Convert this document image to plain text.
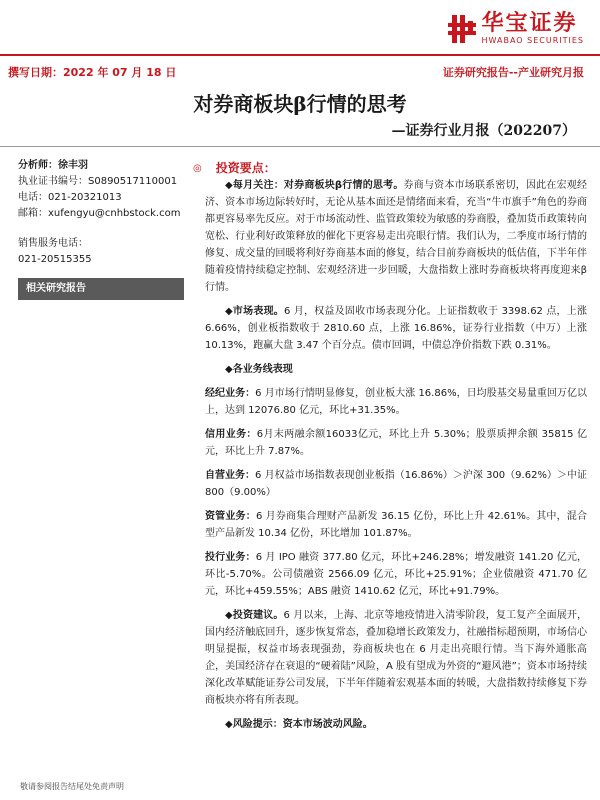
华宝证券
HWABAO SECURITIES
撰写日期：2022 年 07 月 18 日	证券研究报告--产业研究月报
对券商板块β行情的思考
—证券行业月报（202207）
分析师：徐丰羽
执业证书编号：S0890517110001
电话：021-20321013
邮箱：xufengyu@cnhbstock.com
销售服务电话：
021-20515355
相关研究报告
◎ 投资要点：

◆每月关注：对券商板块β行情的思考。券商与资本市场联系密切，因此在宏观经济、资本市场边际转好时，无论从基本面还是情绪面来看，充当“牛市旗手”角色的券商都更容易率先反应。对于市场流动性、监管政策较为敏感的券商股，叠加货币政策转向宽松、行业利好政策释放的催化下更容易走出亮眼行情。我们认为，二季度市场行情的修复、成交量的回暖将利好券商基本面的修复，结合目前券商板块的低估值，下半年伴随着疫情持续稳定控制、宏观经济进一步回暖，大盘指数上涨时券商板块将再度迎来β行情。

◆市场表现。6 月，权益及固收市场表现分化。上证指数收于 3398.62 点，上涨 6.66%，创业板指数收于 2810.60 点，上涨 16.86%，证券行业指数（中万）上涨 10.13%，跑赢大盘 3.47 个百分点。债市回调，中债总净价指数下跌 0.31%。

◆各业务线表现

经纪业务：6 月市场行情明显修复，创业板大涨 16.86%，日均股基交易量重回万亿以上，达到 12076.80 亿元，环比+31.35%。

信用业务：6月末两融余额16033亿元，环比上升 5.30%；股票质押余额 35815 亿元，环比上升 7.87%。

自营业务：6 月权益市场指数表现创业板指（16.86%）＞沪深 300（9.62%）＞中证 800（9.00%）

资管业务：6 月券商集合理财产品新发 36.15 亿份，环比上升 42.61%。其中，混合型产品新发 10.34 亿份，环比增加 101.87%。

投行业务：6 月 IPO 融资 377.80 亿元，环比+246.28%；增发融资 141.20 亿元，环比-5.70%。公司债融资 2566.09 亿元，环比+25.91%；企业债融资 471.70 亿元，环比+459.55%；ABS 融资 1410.62 亿元，环比+91.79%。

◆投资建议。6 月以来，上海、北京等地疫情进入清零阶段，复工复产全面展开，国内经济触底回升，逐步恢复常态，叠加稳增长政策发力，社融指标超预期，市场信心明显提振，权益市场表现强劲，券商板块也在 6 月走出亮眼行情。当下海外通胀高企，美国经济存在衰退的“硬着陆”风险，A 股有望成为外资的“避风港”；资本市场持续深化改革赋能证券公司发展，下半年伴随着宏观基本面的转暖，大盘指数持续修复下券商板块亦将有所表现。

◆风险提示：资本市场波动风险。

敬请参阅报告结尾处免责声明
